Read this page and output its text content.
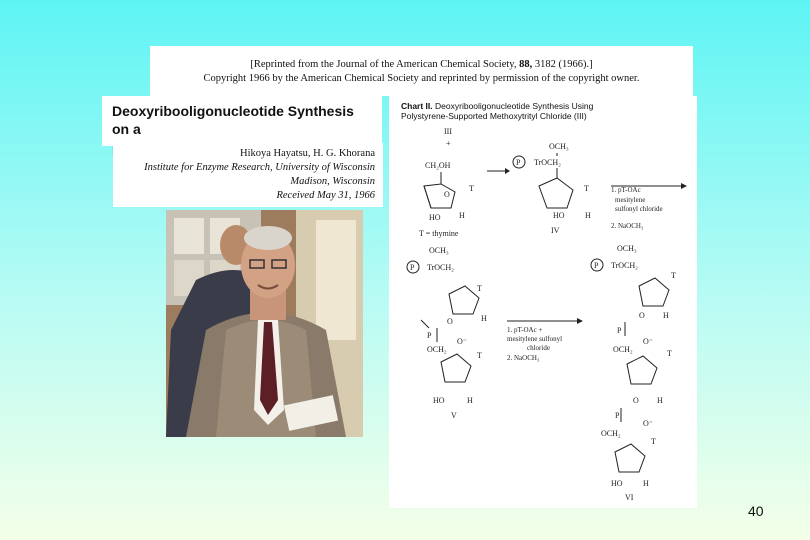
[Reprinted from the Journal of the American Chemical Society, 88, 3182 (1966).]
Copyright 1966 by the American Chemical Society and reprinted by permission of the copyright owner.
Deoxyribooligonucleotide Synthesis on a
Hikoya Hayatsu, H. G. Khorana
Institute for Enzyme Research, University of Wisconsin
Madison, Wisconsin
Received May 31, 1966
Chart II. Deoxyribooligonucleotide Synthesis Using
Polystyrene-Supported Methoxytrityl Chloride (III)
III
+
CH₂OH
O
T
HO H
T = thymine
OCH₃
P TrOCH₂
T
HO	H
IV
1. pT-OAc
mesitylene
sulfonyl chloride
2. NaOCH₃
OCH₃
P TrOCH₂
T
H
O
P
O⁻
OCH₂
T
HO	H
V
1. pT-OAc +
mesitylene sulfonyl
chloride
2. NaOCH₃
OCH₃
P TrOCH₂
T
H
O
P
O⁻
OCH₂	T
H
O
P
O⁻
OCH₂
T
HO	H
VI
40
